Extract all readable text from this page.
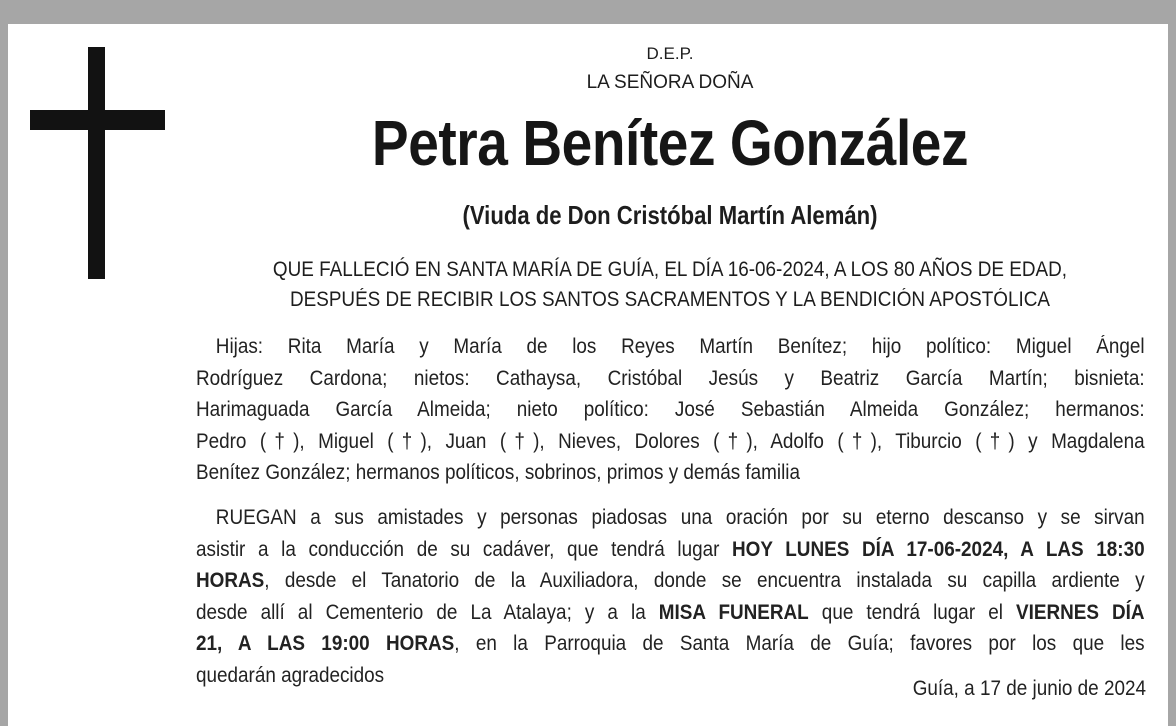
D.E.P.
LA SEÑORA DOÑA
Petra Benítez González
(Viuda de Don Cristóbal Martín Alemán)
QUE FALLECIÓ EN SANTA MARÍA DE GUÍA, EL DÍA 16-06-2024, A LOS 80 AÑOS DE EDAD,
DESPUÉS DE RECIBIR LOS SANTOS SACRAMENTOS Y LA BENDICIÓN APOSTÓLICA
Hijas: Rita María y María de los Reyes Martín Benítez; hijo político: Miguel Ángel
Rodríguez Cardona; nietos: Cathaysa, Cristóbal Jesús y Beatriz García Martín; bisnieta:
Harimaguada García Almeida; nieto político: José Sebastián Almeida González; hermanos:
Pedro (†), Miguel (†), Juan (†), Nieves, Dolores (†), Adolfo (†), Tiburcio (†) y Magdalena
Benítez González; hermanos políticos, sobrinos, primos y demás familia
RUEGAN a sus amistades y personas piadosas una oración por su eterno descanso y se sirvan
asistir a la conducción de su cadáver, que tendrá lugar HOY LUNES DÍA 17-06-2024, A LAS 18:30
HORAS, desde el Tanatorio de la Auxiliadora, donde se encuentra instalada su capilla ardiente y
desde allí al Cementerio de La Atalaya; y a la MISA FUNERAL que tendrá lugar el VIERNES DÍA
21, A LAS 19:00 HORAS, en la Parroquia de Santa María de Guía; favores por los que les
quedarán agradecidos
Guía, a 17 de junio de 2024
